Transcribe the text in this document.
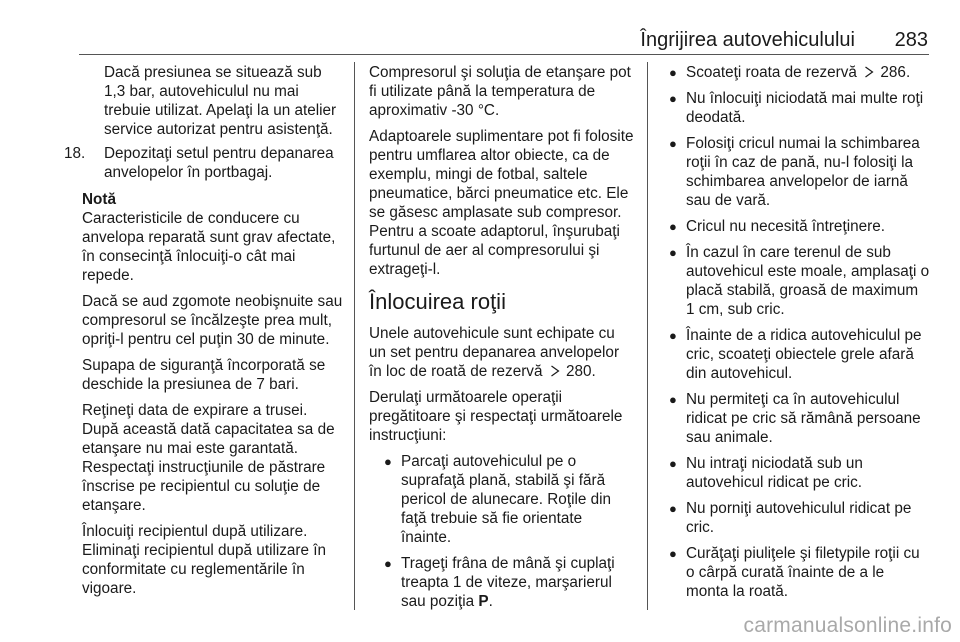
Îngrijirea autovehiculului	283
Dacă presiunea se situează sub 1,3 bar, autovehiculul nu mai trebuie utilizat. Apelaţi la un atelier service autorizat pentru asistenţă.
18. Depozitaţi setul pentru depanarea anvelopelor în portbagaj.
Notă
Caracteristicile de conducere cu anvelopa reparată sunt grav afectate, în consecinţă înlocuiţi-o cât mai repede.
Dacă se aud zgomote neobişnuite sau compresorul se încălzeşte prea mult, opriţi-l pentru cel puţin 30 de minute.
Supapa de siguranţă încorporată se deschide la presiunea de 7 bari.
Reţineţi data de expirare a trusei. După această dată capacitatea sa de etanşare nu mai este garantată. Respectaţi instrucţiunile de păstrare înscrise pe recipientul cu soluţie de etanşare.
Înlocuiţi recipientul după utilizare. Eliminaţi recipientul după utilizare în conformitate cu reglementările în vigoare.
Compresorul şi soluţia de etanşare pot fi utilizate până la temperatura de aproximativ -30 °C.
Adaptoarele suplimentare pot fi folosite pentru umflarea altor obiecte, ca de exemplu, mingi de fotbal, saltele pneumatice, bărci pneumatice etc. Ele se găsesc amplasate sub compresor. Pentru a scoate adaptorul, înşurubaţi furtunul de aer al compresorului şi extrageţi-l.
Înlocuirea roţii
Unele autovehicule sunt echipate cu un set pentru depanarea anvelopelor în loc de roată de rezervă 280.
Derulaţi următoarele operaţii pregătitoare şi respectaţi următoarele instrucţiuni:
● Parcaţi autovehiculul pe o suprafaţă plană, stabilă şi fără pericol de alunecare. Roţile din faţă trebuie să fie orientate înainte.
● Trageţi frâna de mână şi cuplaţi treapta 1 de viteze, marşarierul sau poziţia P.
● Scoateţi roata de rezervă 286.
● Nu înlocuiţi niciodată mai multe roţi deodată.
● Folosiţi cricul numai la schimbarea roţii în caz de pană, nu-l folosiţi la schimbarea anvelopelor de iarnă sau de vară.
● Cricul nu necesită întreţinere.
● În cazul în care terenul de sub autovehicul este moale, amplasaţi o placă stabilă, groasă de maximum 1 cm, sub cric.
● Înainte de a ridica autovehiculul pe cric, scoateţi obiectele grele afară din autovehicul.
● Nu permiteţi ca în autovehiculul ridicat pe cric să rămână persoane sau animale.
● Nu intraţi niciodată sub un autovehicul ridicat pe cric.
● Nu porniţi autovehiculul ridicat pe cric.
● Curăţaţi piuliţele şi filetурile roţii cu o cârpă curată înainte de a le monta la roată.
carmanualsonline.info
